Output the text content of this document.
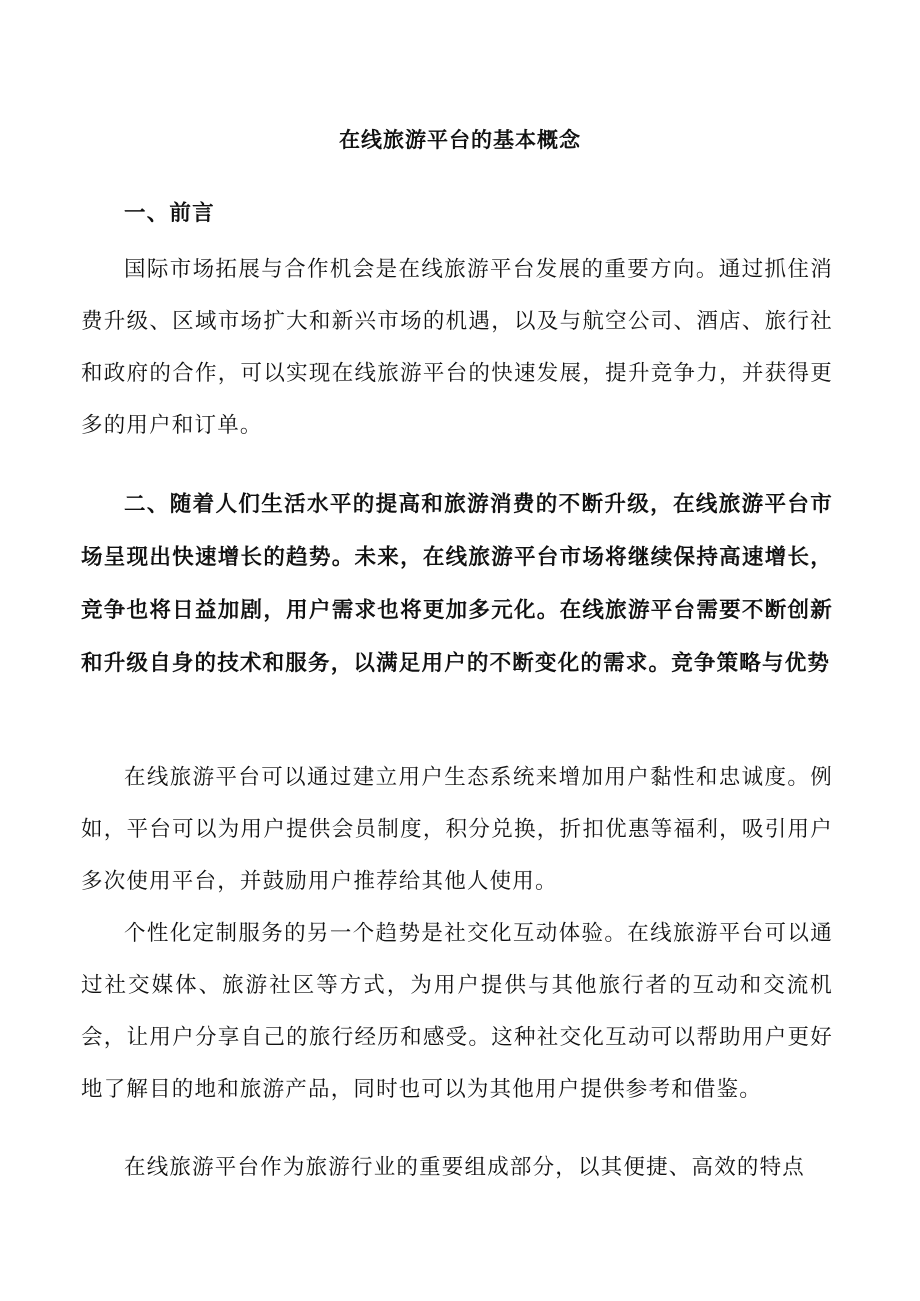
在线旅游平台的基本概念

一、前言

国际市场拓展与合作机会是在线旅游平台发展的重要方向。通过抓住消费升级、区域市场扩大和新兴市场的机遇，以及与航空公司、酒店、旅行社和政府的合作，可以实现在线旅游平台的快速发展，提升竞争力，并获得更多的用户和订单。

二、随着人们生活水平的提高和旅游消费的不断升级，在线旅游平台市场呈现出快速增长的趋势。未来，在线旅游平台市场将继续保持高速增长，竞争也将日益加剧，用户需求也将更加多元化。在线旅游平台需要不断创新和升级自身的技术和服务，以满足用户的不断变化的需求。竞争策略与优势

在线旅游平台可以通过建立用户生态系统来增加用户黏性和忠诚度。例如，平台可以为用户提供会员制度，积分兑换，折扣优惠等福利，吸引用户多次使用平台，并鼓励用户推荐给其他人使用。

个性化定制服务的另一个趋势是社交化互动体验。在线旅游平台可以通过社交媒体、旅游社区等方式，为用户提供与其他旅行者的互动和交流机会，让用户分享自己的旅行经历和感受。这种社交化互动可以帮助用户更好地了解目的地和旅游产品，同时也可以为其他用户提供参考和借鉴。

在线旅游平台作为旅游行业的重要组成部分，以其便捷、高效的特点
